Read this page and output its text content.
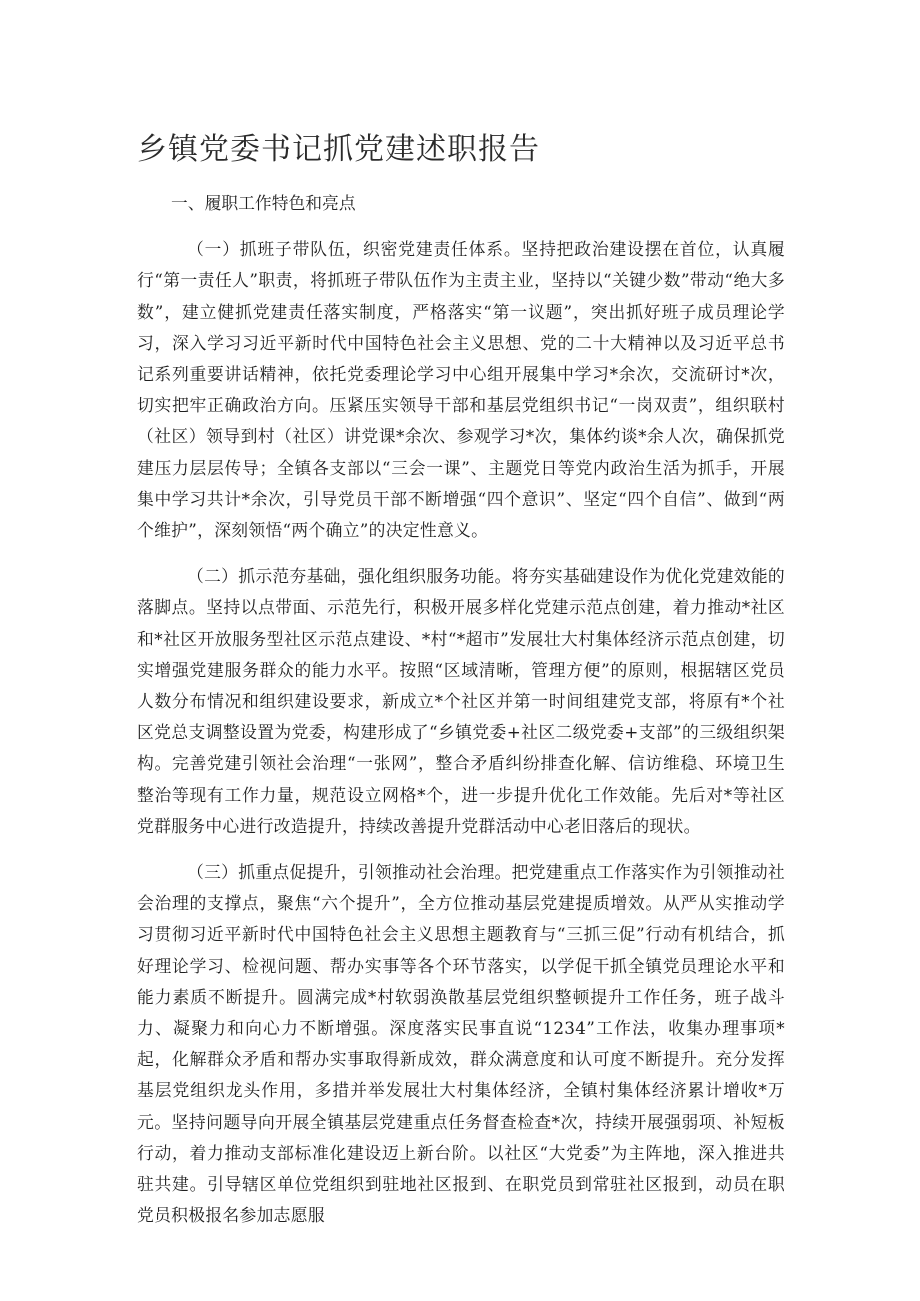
乡镇党委书记抓党建述职报告

一、履职工作特色和亮点

（一）抓班子带队伍，织密党建责任体系。坚持把政治建设摆在首位，认真履行“第一责任人”职责，将抓班子带队伍作为主责主业，坚持以“关键少数”带动“绝大多数”，建立健抓党建责任落实制度，严格落实“第一议题”，突出抓好班子成员理论学习，深入学习习近平新时代中国特色社会主义思想、党的二十大精神以及习近平总书记系列重要讲话精神，依托党委理论学习中心组开展集中学习*余次，交流研讨*次，切实把牢正确政治方向。压紧压实领导干部和基层党组织书记“一岗双责”，组织联村（社区）领导到村（社区）讲党课*余次、参观学习*次，集体约谈*余人次，确保抓党建压力层层传导；全镇各支部以“三会一课”、主题党日等党内政治生活为抓手，开展集中学习共计*余次，引导党员干部不断增强“四个意识”、坚定“四个自信”、做到“两个维护”，深刻领悟“两个确立”的决定性意义。

（二）抓示范夯基础，强化组织服务功能。将夯实基础建设作为优化党建效能的落脚点。坚持以点带面、示范先行，积极开展多样化党建示范点创建，着力推动*社区和*社区开放服务型社区示范点建设、*村“*超市”发展壮大村集体经济示范点创建，切实增强党建服务群众的能力水平。按照“区域清晰，管理方便”的原则，根据辖区党员人数分布情况和组织建设要求，新成立*个社区并第一时间组建党支部，将原有*个社区党总支调整设置为党委，构建形成了“乡镇党委+社区二级党委+支部”的三级组织架构。完善党建引领社会治理“一张网”，整合矛盾纠纷排查化解、信访维稳、环境卫生整治等现有工作力量，规范设立网格*个，进一步提升优化工作效能。先后对*等社区党群服务中心进行改造提升，持续改善提升党群活动中心老旧落后的现状。

（三）抓重点促提升，引领推动社会治理。把党建重点工作落实作为引领推动社会治理的支撑点，聚焦“六个提升”，全方位推动基层党建提质增效。从严从实推动学习贯彻习近平新时代中国特色社会主义思想主题教育与“三抓三促”行动有机结合，抓好理论学习、检视问题、帮办实事等各个环节落实，以学促干抓全镇党员理论水平和能力素质不断提升。圆满完成*村软弱涣散基层党组织整顿提升工作任务，班子战斗力、凝聚力和向心力不断增强。深度落实民事直说“1234”工作法，收集办理事项*起，化解群众矛盾和帮办实事取得新成效，群众满意度和认可度不断提升。充分发挥基层党组织龙头作用，多措并举发展壮大村集体经济，全镇村集体经济累计增收*万元。坚持问题导向开展全镇基层党建重点任务督查检查*次，持续开展强弱项、补短板行动，着力推动支部标准化建设迈上新台阶。以社区“大党委”为主阵地，深入推进共驻共建。引导辖区单位党组织到驻地社区报到、在职党员到常驻社区报到，动员在职党员积极报名参加志愿服
